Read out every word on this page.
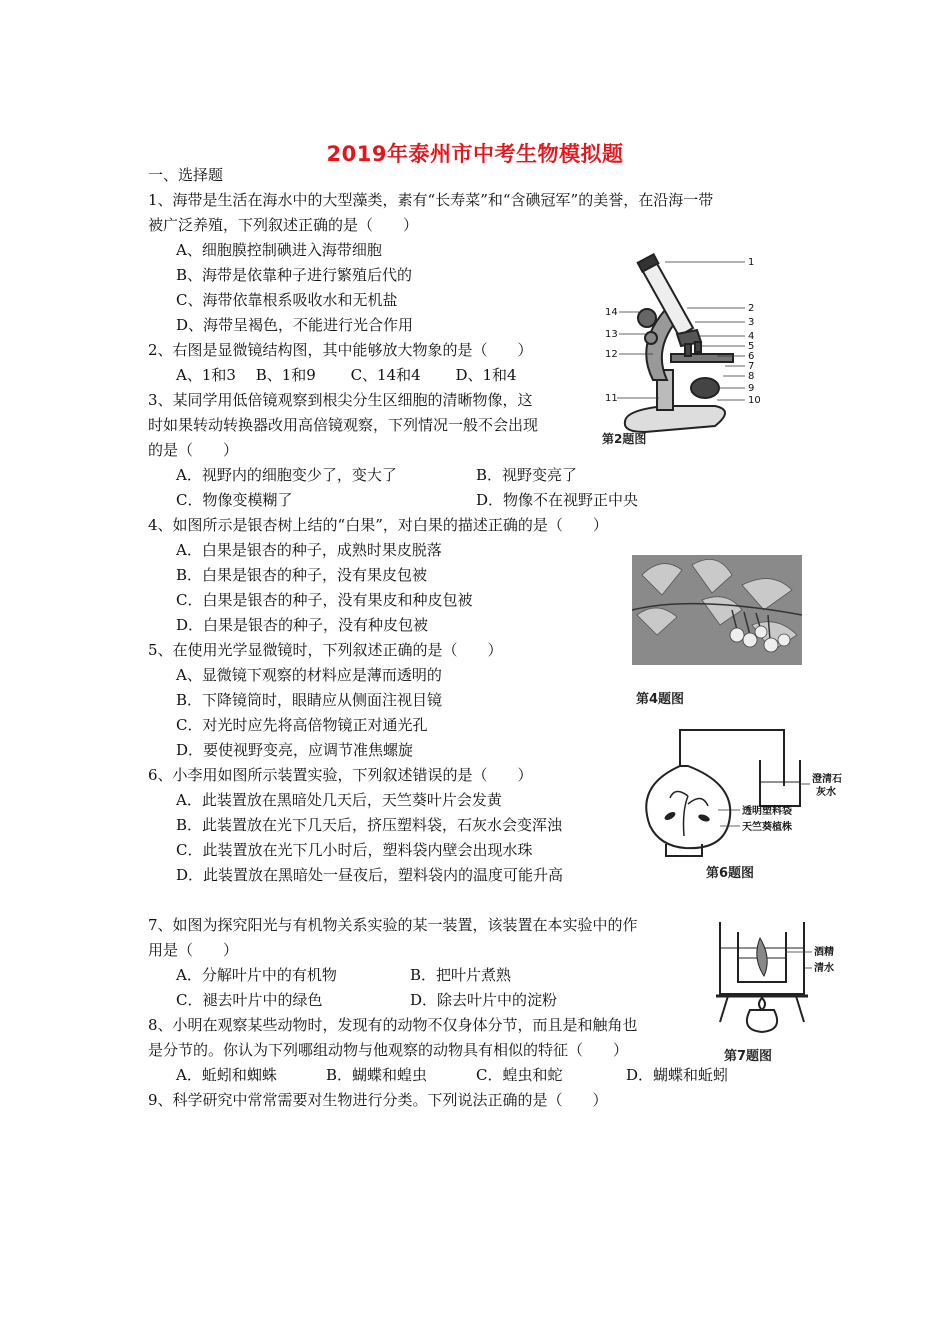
2019年泰州市中考生物模拟题
一、选择题
1、海带是生活在海水中的大型藻类，素有“长寿菜”和“含碘冠军”的美誉，在沿海一带
被广泛养殖，下列叙述正确的是（　　）
A、细胞膜控制碘进入海带细胞
B、海带是依靠种子进行繁殖后代的
C、海带依靠根系吸收水和无机盐
D、海带呈褐色，不能进行光合作用
2、右图是显微镜结构图，其中能够放大物象的是（　　）
A、1和3　 B、1和9　　 C、14和4　　 D、1和4
3、某同学用低倍镜观察到根尖分生区细胞的清晰物像，这
时如果转动转换器改用高倍镜观察，下列情况一般不会出现
的是（　　）
A．视野内的细胞变少了，变大了	B．视野变亮了
C．物像变模糊了	D．物像不在视野正中央
4、如图所示是银杏树上结的“白果”，对白果的描述正确的是（　　）
A．白果是银杏的种子，成熟时果皮脱落
B．白果是银杏的种子，没有果皮包被
C．白果是银杏的种子，没有果皮和种皮包被
D．白果是银杏的种子，没有种皮包被
5、在使用光学显微镜时，下列叙述正确的是（　　）
A、显微镜下观察的材料应是薄而透明的
B．下降镜筒时，眼睛应从侧面注视目镜
C．对光时应先将高倍物镜正对通光孔
D．要使视野变亮，应调节准焦螺旋
6、小李用如图所示装置实验，下列叙述错误的是（　　）
A．此装置放在黑暗处几天后，天竺葵叶片会发黄
B．此装置放在光下几天后，挤压塑料袋，石灰水会变浑浊
C．此装置放在光下几小时后，塑料袋内壁会出现水珠
D．此装置放在黑暗处一昼夜后，塑料袋内的温度可能升高
7、如图为探究阳光与有机物关系实验的某一装置，该装置在本实验中的作
用是（　　）
A．分解叶片中的有机物	B．把叶片煮熟
C．褪去叶片中的绿色	D．除去叶片中的淀粉
8、小明在观察某些动物时，发现有的动物不仅身体分节，而且是和触角也
是分节的。你认为下列哪组动物与他观察的动物具有相似的特征（　　）
A．蚯蚓和蜘蛛	B．蝴蝶和蝗虫	C．蝗虫和蛇	D．蝴蝶和蚯蚓
9、科学研究中常常需要对生物进行分类。下列说法正确的是（　　）
1
2
3
4
5
6
7
8
9
10
11
12
13
14
第2题图
第4题图
澄清石
灰水
透明塑料袋
天竺葵植株
第6题图
酒精
清水
第7题图
